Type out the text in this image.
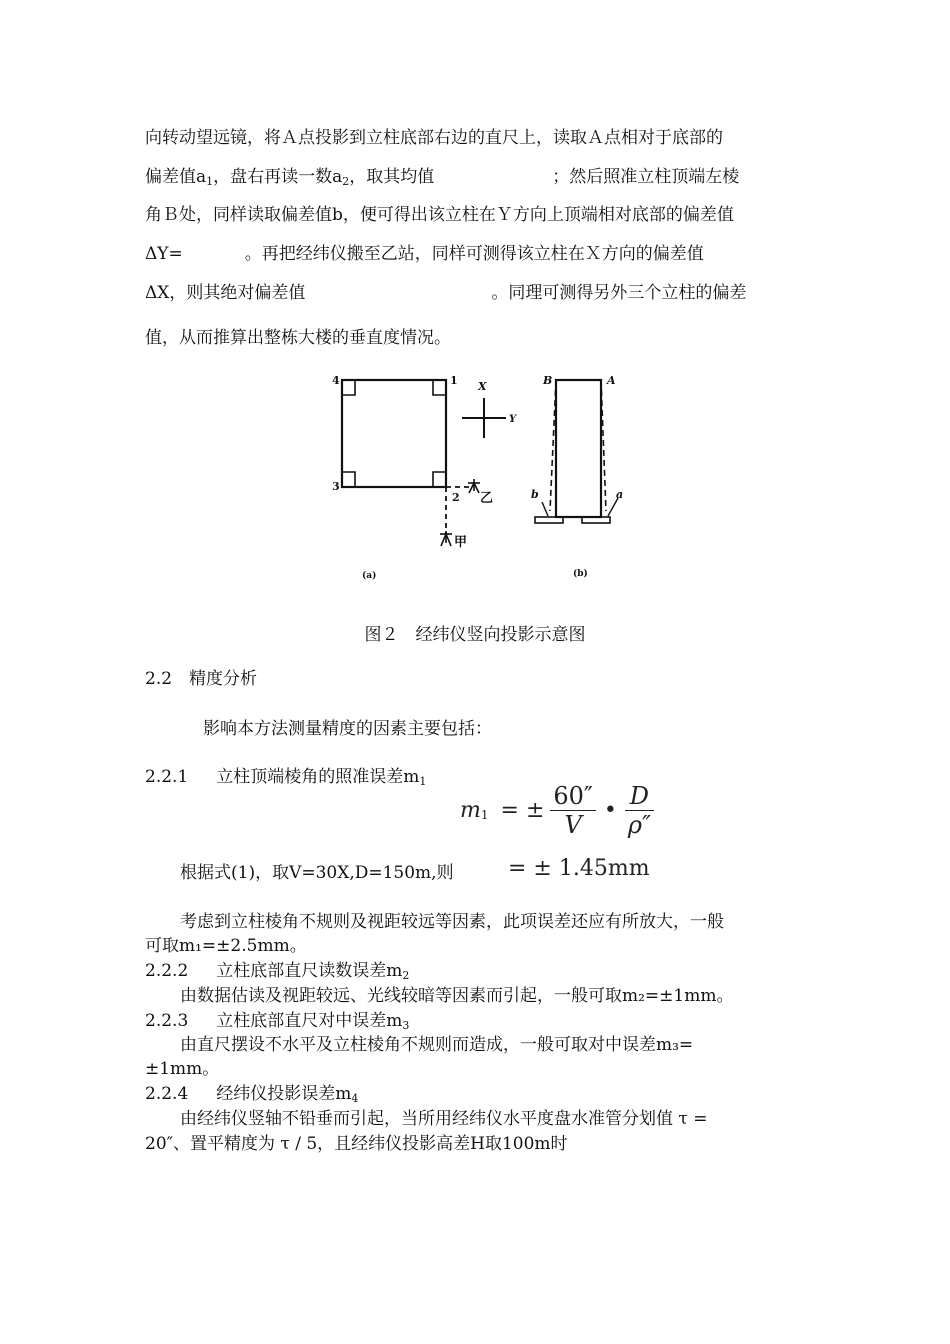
向转动望远镜，将Ａ点投影到立柱底部右边的直尺上，读取Ａ点相对于底部的
偏差值$a_1$，盘右再读一数$a_2$，取其均值	；然后照准立柱顶端左棱
角Ｂ处，同样读取偏差值b，便可得出该立柱在Ｙ方向上顶端相对底部的偏差值
ΔY=	。再把经纬仪搬至乙站，同样可测得该立柱在Ｘ方向的偏差值
ΔX，则其绝对偏差值	。同理可测得另外三个立柱的偏差
值，从而推算出整栋大楼的垂直度情况。
4	1
3
2
X
Y
乙
甲
(a)
B	A
b	a
(b)
图２　经纬仪竖向投影示意图
2.2　精度分析
影响本方法测量精度的因素主要包括：
2.2.1 立柱顶端棱角的照准误差$m_1$
$m_1$ = ± $\frac{60''}{V}$ • $\frac{D}{\rho''}$
根据式(1)，取V=30X,D=150m,则 = ± 1.45mm
考虑到立柱棱角不规则及视距较远等因素，此项误差还应有所放大，一般
可取m₁=±2.5mm。
2.2.2 立柱底部直尺读数误差$m_2$
由数据估读及视距较远、光线较暗等因素而引起，一般可取m₂=±1mm。
2.2.3 立柱底部直尺对中误差$m_3$
由直尺摆设不水平及立柱棱角不规则而造成，一般可取对中误差m₃=
±1mm。
2.2.4 经纬仪投影误差$m_4$
由经纬仪竖轴不铅垂而引起，当所用经纬仪水平度盘水准管分划值 τ =
20″、置平精度为 τ / 5，且经纬仪投影高差H取100m时
